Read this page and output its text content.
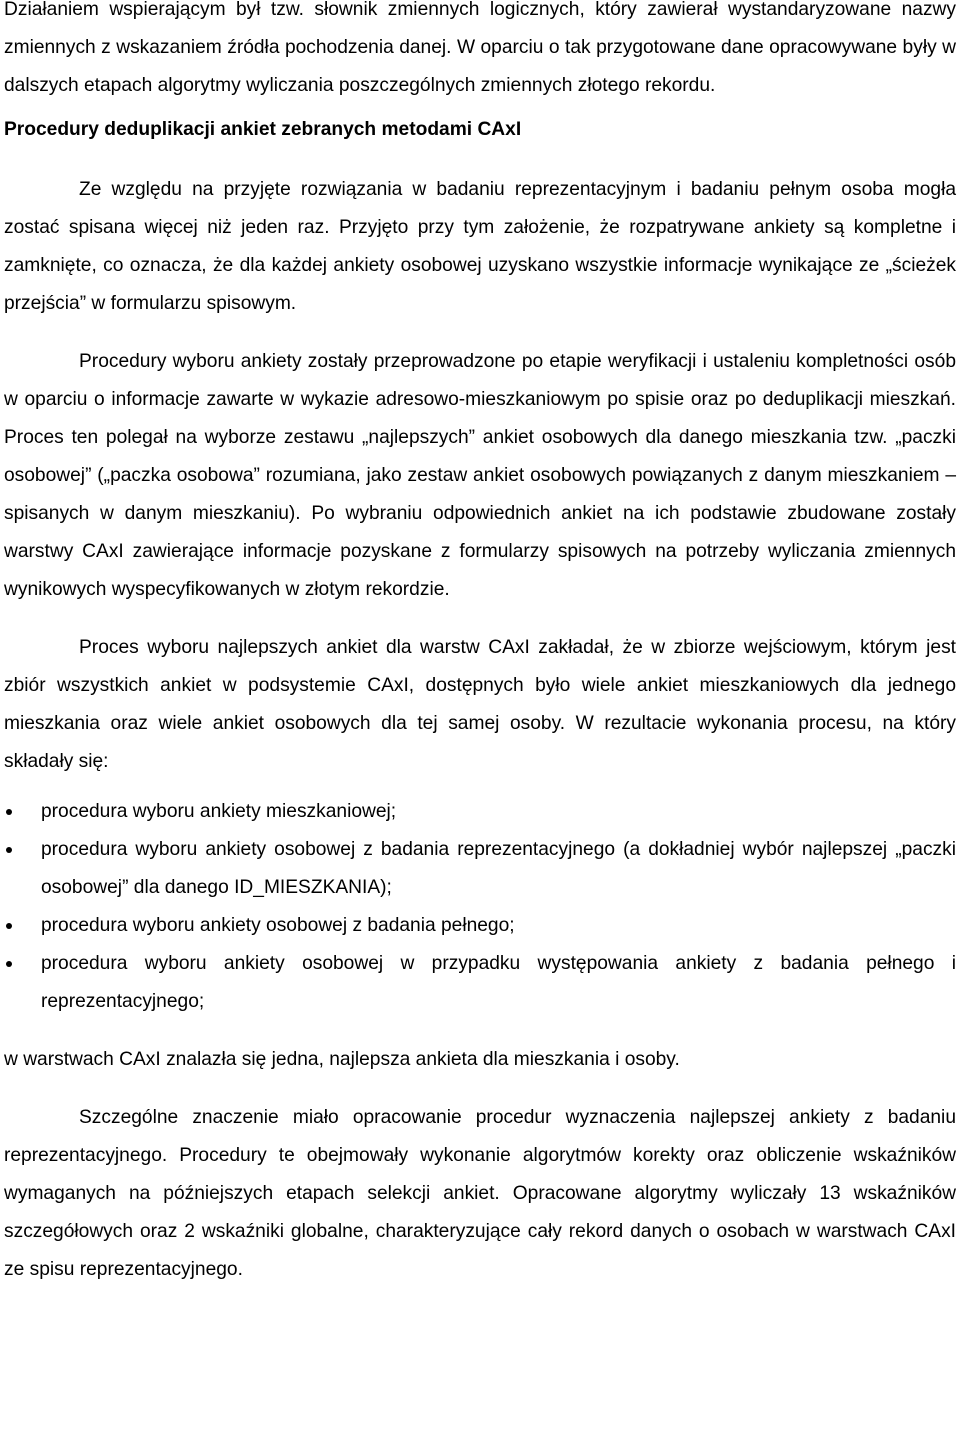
Działaniem wspierającym był tzw. słownik zmiennych logicznych, który zawierał wystandaryzowane nazwy zmiennych z wskazaniem źródła pochodzenia danej. W oparciu o tak przygotowane dane opracowywane były w dalszych etapach algorytmy wyliczania poszczególnych zmiennych złotego rekordu.

Procedury deduplikacji ankiet zebranych metodami CAxI

Ze względu na przyjęte rozwiązania w badaniu reprezentacyjnym i badaniu pełnym osoba mogła zostać spisana więcej niż jeden raz. Przyjęto przy tym założenie, że rozpatrywane ankiety są kompletne i zamknięte, co oznacza, że dla każdej ankiety osobowej uzyskano wszystkie informacje wynikające ze „ścieżek przejścia” w formularzu spisowym.

Procedury wyboru ankiety zostały przeprowadzone po etapie weryfikacji i ustaleniu kompletności osób w oparciu o informacje zawarte w wykazie adresowo-mieszkaniowym po spisie oraz po deduplikacji mieszkań. Proces ten polegał na wyborze zestawu „najlepszych” ankiet osobowych dla danego mieszkania tzw. „paczki osobowej” („paczka osobowa” rozumiana, jako zestaw ankiet osobowych powiązanych z danym mieszkaniem – spisanych w danym mieszkaniu). Po wybraniu odpowiednich ankiet na ich podstawie zbudowane zostały warstwy CAxI zawierające informacje pozyskane z formularzy spisowych na potrzeby wyliczania zmiennych wynikowych wyspecyfikowanych w złotym rekordzie.

Proces wyboru najlepszych ankiet dla warstw CAxI zakładał, że w zbiorze wejściowym, którym jest zbiór wszystkich ankiet w podsystemie CAxI, dostępnych było wiele ankiet mieszkaniowych dla jednego mieszkania oraz wiele ankiet osobowych dla tej samej osoby. W rezultacie wykonania procesu, na który składały się:

procedura wyboru ankiety mieszkaniowej;
procedura wyboru ankiety osobowej z badania reprezentacyjnego (a dokładniej wybór najlepszej „paczki osobowej” dla danego ID_MIESZKANIA);
procedura wyboru ankiety osobowej z badania pełnego;
procedura wyboru ankiety osobowej w przypadku występowania ankiety z badania pełnego i reprezentacyjnego;

w warstwach CAxI znalazła się jedna, najlepsza ankieta dla mieszkania i osoby.

Szczególne znaczenie miało opracowanie procedur wyznaczenia najlepszej ankiety z badaniu reprezentacyjnego. Procedury te obejmowały wykonanie algorytmów korekty oraz obliczenie wskaźników wymaganych na późniejszych etapach selekcji ankiet. Opracowane algorytmy wyliczały 13 wskaźników szczegółowych oraz 2 wskaźniki globalne, charakteryzujące cały rekord danych o osobach w warstwach CAxI ze spisu reprezentacyjnego.
